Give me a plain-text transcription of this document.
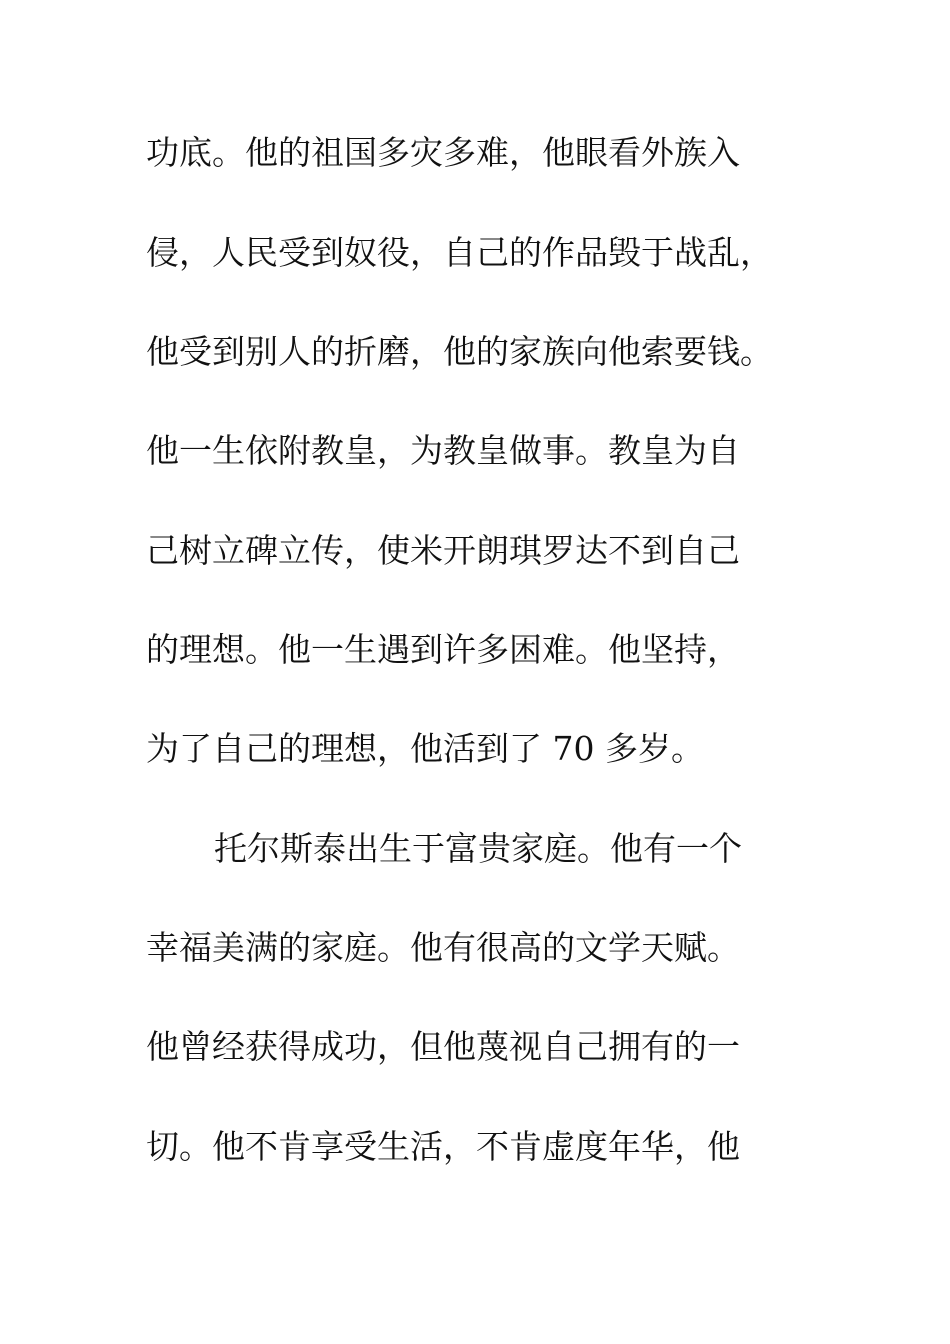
功底。他的祖国多灾多难，他眼看外族入
侵，人民受到奴役，自己的作品毁于战乱，
他受到别人的折磨，他的家族向他索要钱。
他一生依附教皇，为教皇做事。教皇为自
己树立碑立传，使米开朗琪罗达不到自己
的理想。他一生遇到许多困难。他坚持，
为了自己的理想，他活到了 70 多岁。
托尔斯泰出生于富贵家庭。他有一个
幸福美满的家庭。他有很高的文学天赋。
他曾经获得成功，但他蔑视自己拥有的一
切。他不肯享受生活，不肯虚度年华，他
